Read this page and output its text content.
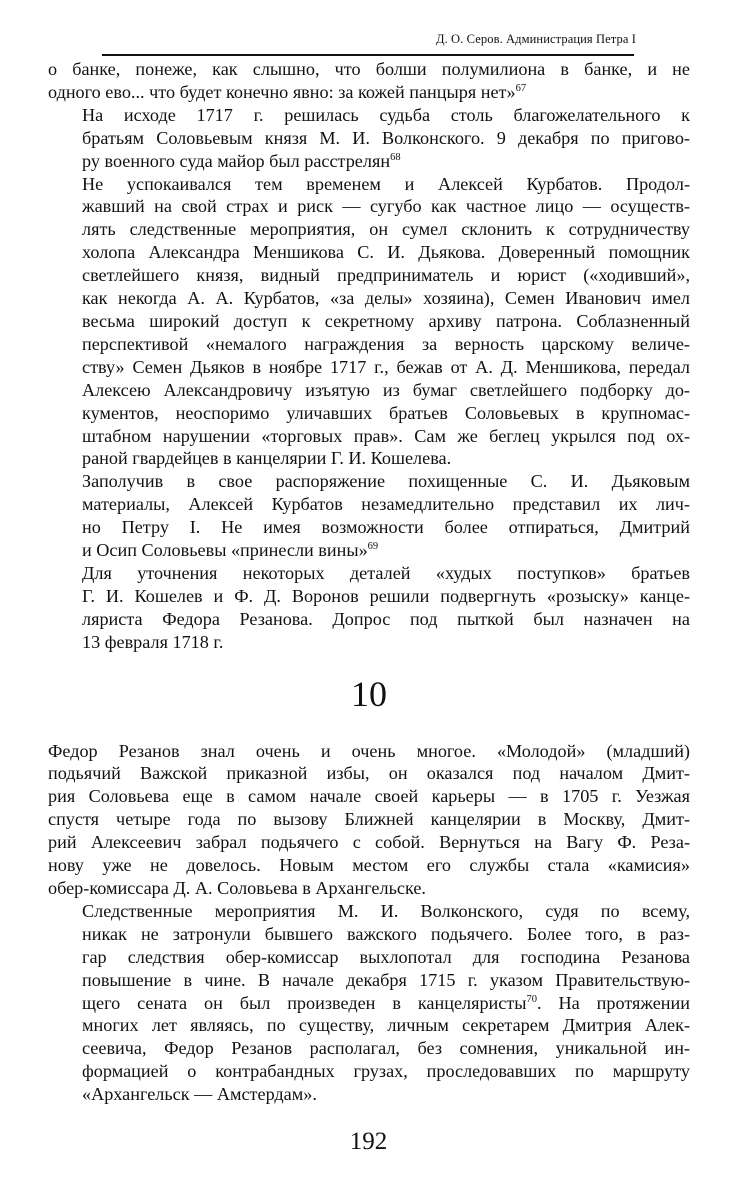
Д. О. Серов. Администрация Петра I

о банке, понеже, как слышно, что болши полумилиона в банке, и не
одного ево... что будет конечно явно: за кожей панцыря нет»$^{67}$

На исходе 1717 г. решилась судьба столь благожелательного к
братьям Соловьевым князя М. И. Волконского. 9 декабря по пригово-
ру военного суда майор был расстрелян$^{68}$

Не успокаивался тем временем и Алексей Курбатов. Продол-
жавший на свой страх и риск — сугубо как частное лицо — осуществ-
лять следственные мероприятия, он сумел склонить к сотрудничеству
холопа Александра Меншикова С. И. Дьякова. Доверенный помощник
светлейшего князя, видный предприниматель и юрист («ходивший»,
как некогда А. А. Курбатов, «за делы» хозяина), Семен Иванович имел
весьма широкий доступ к секретному архиву патрона. Соблазненный
перспективой «немалого награждения за верность царскому величе-
ству» Семен Дьяков в ноябре 1717 г., бежав от А. Д. Меншикова, передал
Алексею Александровичу изъятую из бумаг светлейшего подборку до-
кументов, неоспоримо уличавших братьев Соловьевых в крупномас-
штабном нарушении «торговых прав». Сам же беглец укрылся под ох-
раной гвардейцев в канцелярии Г. И. Кошелева.

Заполучив в свое распоряжение похищенные С. И. Дьяковым
материалы, Алексей Курбатов незамедлительно представил их лич-
но Петру I. Не имея возможности более отпираться, Дмитрий
и Осип Соловьевы «принесли вины»$^{69}$

Для уточнения некоторых деталей «худых поступков» братьев
Г. И. Кошелев и Ф. Д. Воронов решили подвергнуть «розыску» канце-
ляриста Федора Резанова. Допрос под пыткой был назначен на
13 февраля 1718 г.

10

Федор Резанов знал очень и очень многое. «Молодой» (младший)
подьячий Важской приказной избы, он оказался под началом Дмит-
рия Соловьева еще в самом начале своей карьеры — в 1705 г. Уезжая
спустя четыре года по вызову Ближней канцелярии в Москву, Дмит-
рий Алексеевич забрал подьячего с собой. Вернуться на Вагу Ф. Реза-
нову уже не довелось. Новым местом его службы стала «камисия»
обер-комиссара Д. А. Соловьева в Архангельске.

Следственные мероприятия М. И. Волконского, судя по всему,
никак не затронули бывшего важского подьячего. Более того, в раз-
гар следствия обер-комиссар выхлопотал для господина Резанова
повышение в чине. В начале декабря 1715 г. указом Правительствую-
щего сената он был произведен в канцеляристы$^{70}$. На протяжении
многих лет являясь, по существу, личным секретарем Дмитрия Алек-
сеевича, Федор Резанов располагал, без сомнения, уникальной ин-
формацией о контрабандных грузах, проследовавших по маршруту
«Архангельск — Амстердам».

192
